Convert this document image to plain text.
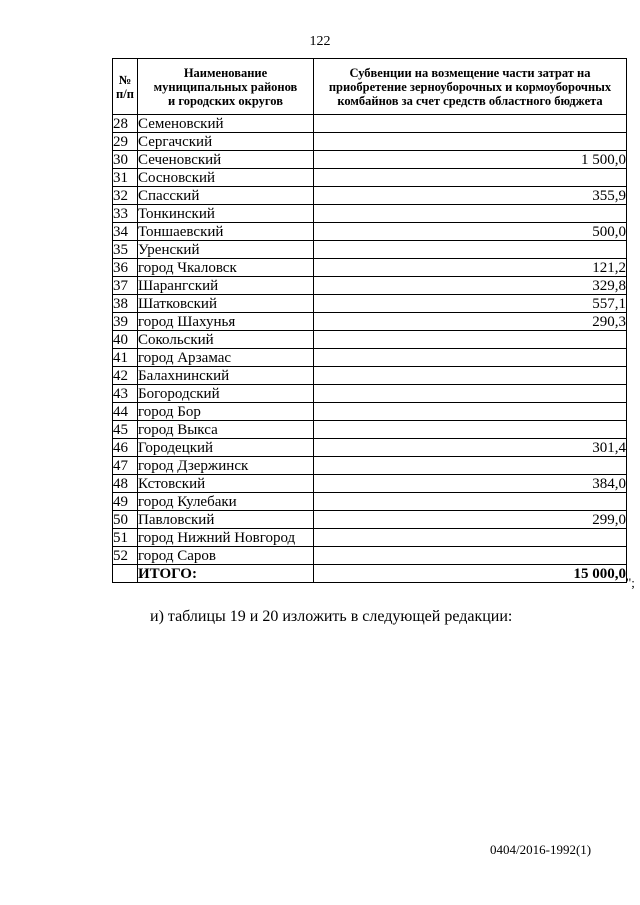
122
№
п/п	Наименование
муниципальных районов
и городских округов	Субвенции на возмещение части затрат на
приобретение зерноуборочных и кормоуборочных
комбайнов за счет средств областного бюджета
28	Семеновский	
29	Сергачский	
30	Сеченовский	1 500,0
31	Сосновский	
32	Спасский	355,9
33	Тонкинский	
34	Тоншаевский	500,0
35	Уренский	
36	город Чкаловск	121,2
37	Шарангский	329,8
38	Шатковский	557,1
39	город Шахунья	290,3
40	Сокольский	
41	город Арзамас	
42	Балахнинский	
43	Богородский	
44	город Бор	
45	город Выкса	
46	Городецкий	301,4
47	город Дзержинск	
48	Кстовский	384,0
49	город Кулебаки	
50	Павловский	299,0
51	город Нижний Новгород	
52	город Саров	
	ИТОГО:	15 000,0
";
и) таблицы 19 и 20 изложить в следующей редакции:
0404/2016-1992(1)
